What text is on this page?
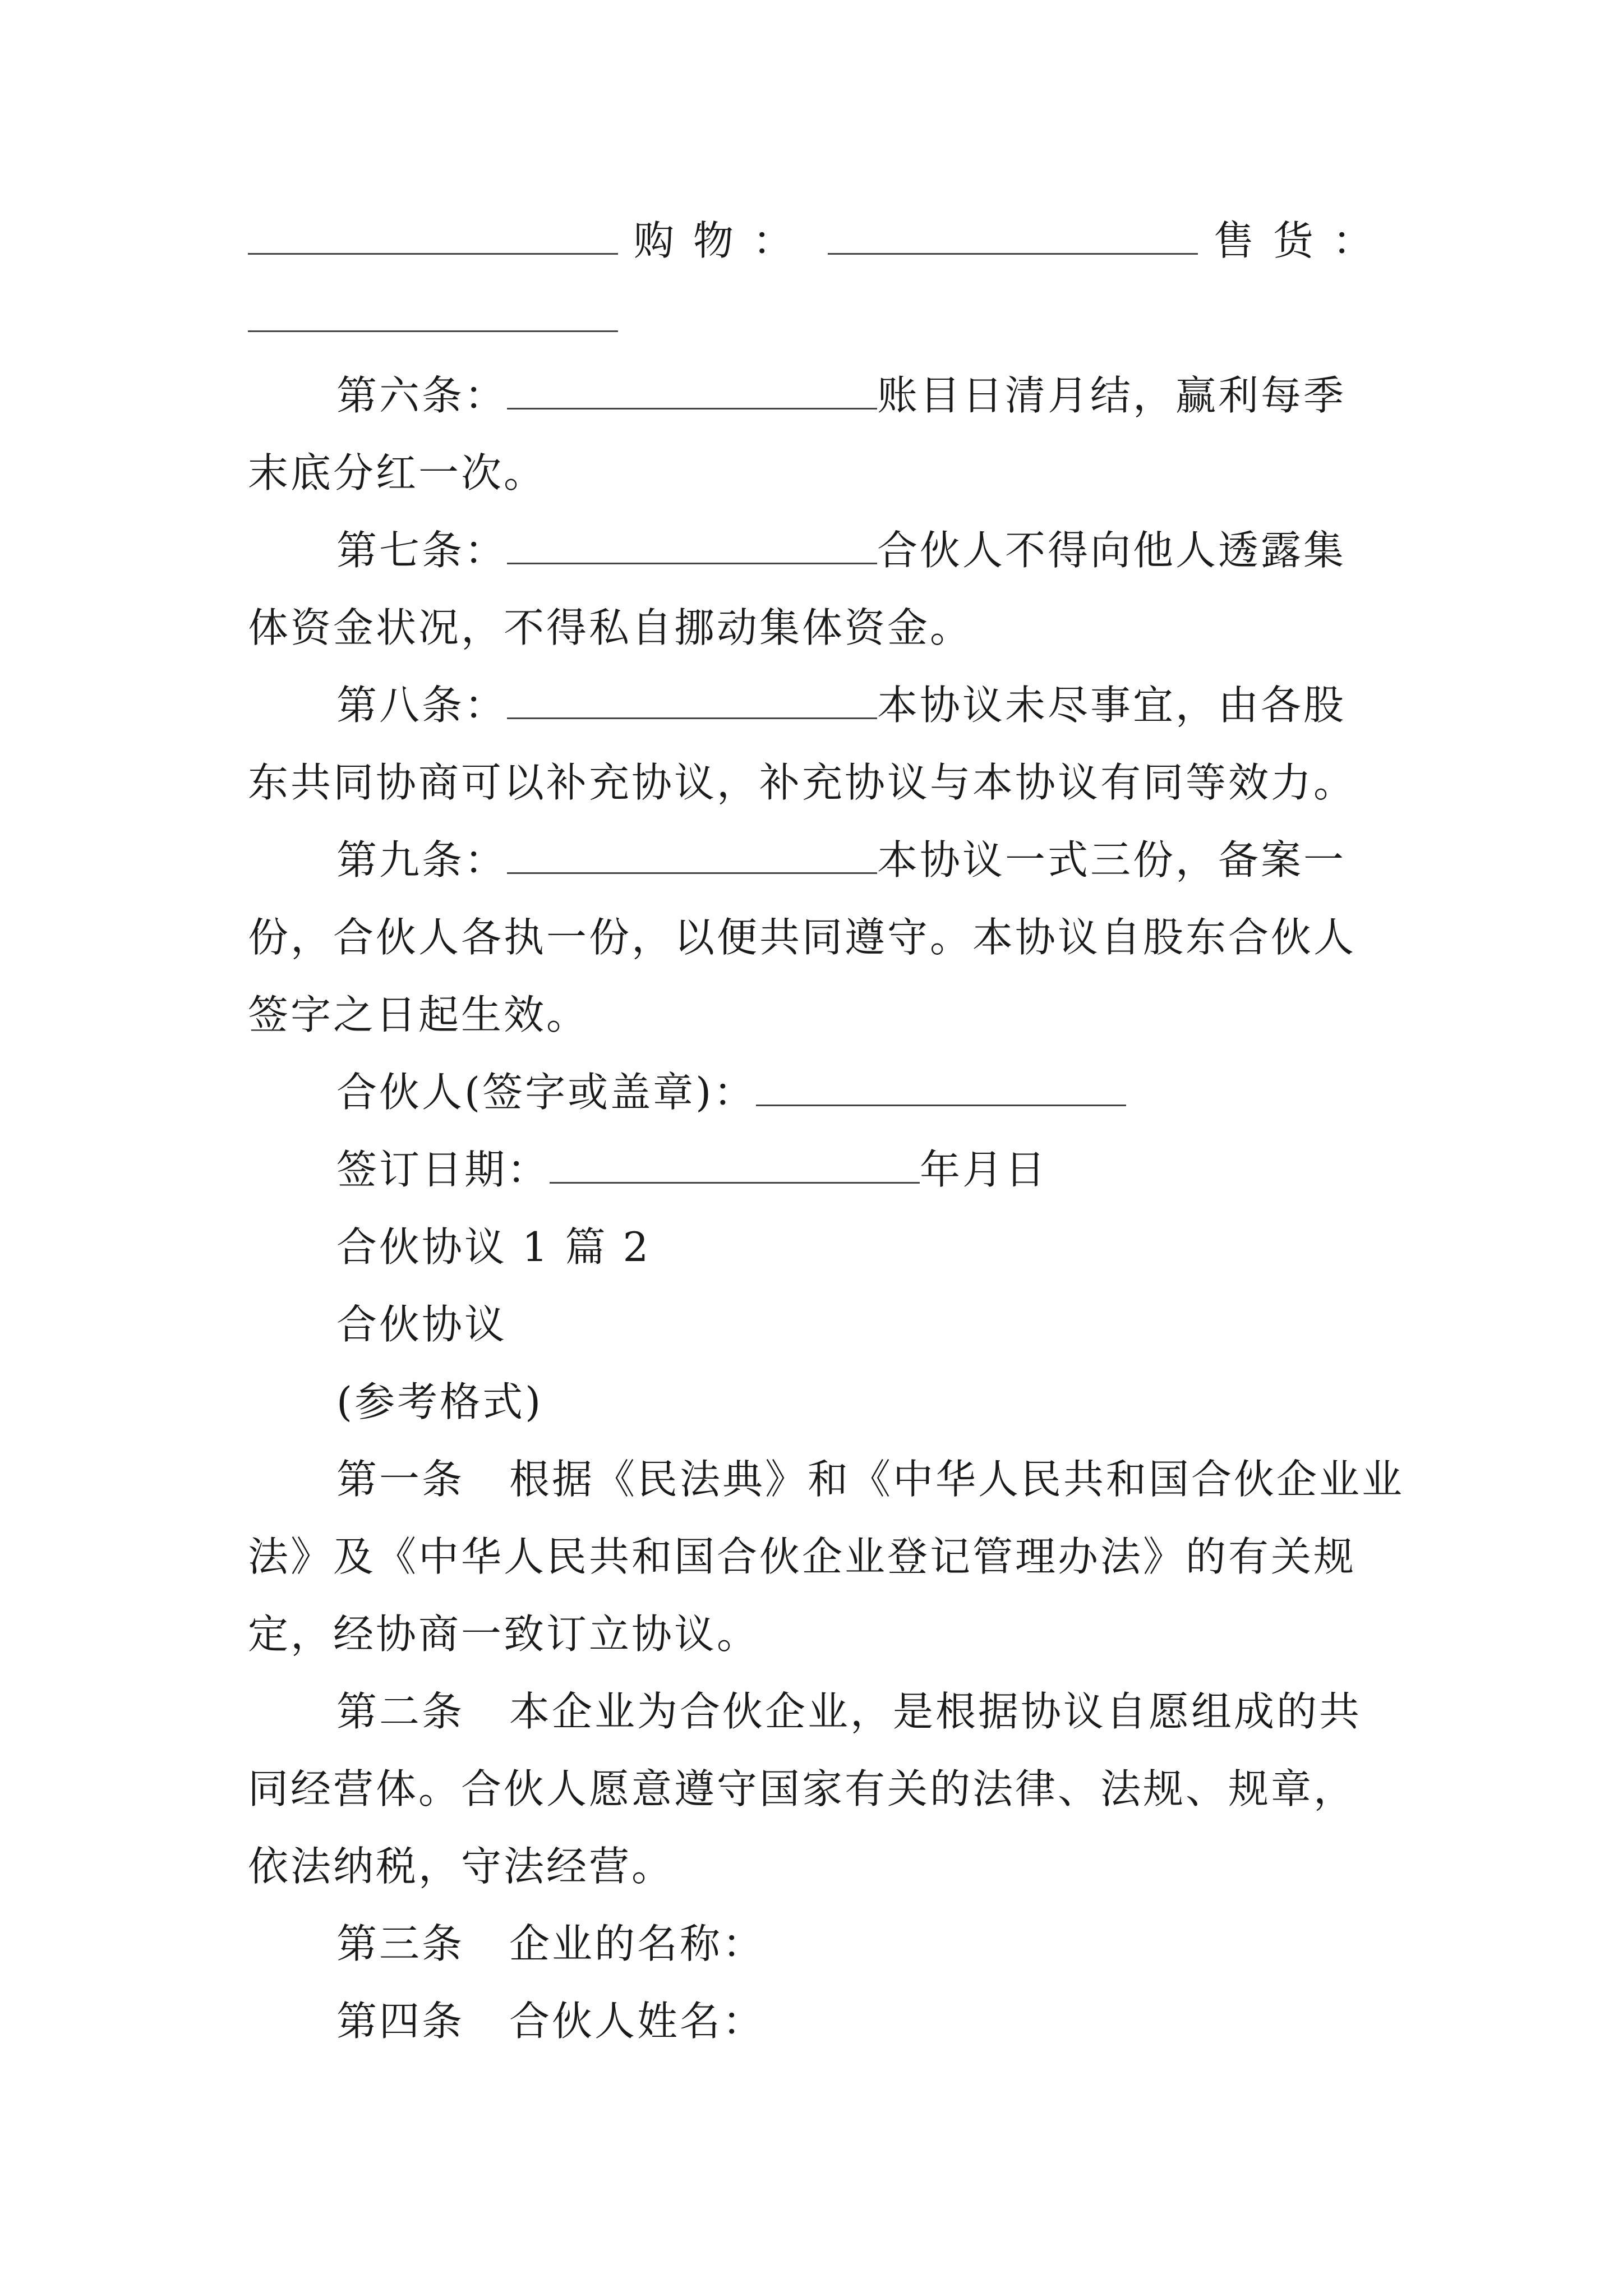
购物：	售货：
第六条：	账目日清月结，赢利每季
末底分红一次。
第七条：	合伙人不得向他人透露集
体资金状况，不得私自挪动集体资金。
第八条：	本协议未尽事宜，由各股
东共同协商可以补充协议，补充协议与本协议有同等效力。
第九条：	本协议一式三份，备案一
份，合伙人各执一份，以便共同遵守。本协议自股东合伙人
签字之日起生效。
合伙人(签字或盖章)：
签订日期：	年月日
合伙协议 1 篇 2
合伙协议
(参考格式)
第一条 根据《民法典》和《中华人民共和国合伙企业业
法》及《中华人民共和国合伙企业登记管理办法》的有关规
定，经协商一致订立协议。
第二条 本企业为合伙企业，是根据协议自愿组成的共
同经营体。合伙人愿意遵守国家有关的法律、法规、规章，
依法纳税，守法经营。
第三条 企业的名称：
第四条 合伙人姓名：
